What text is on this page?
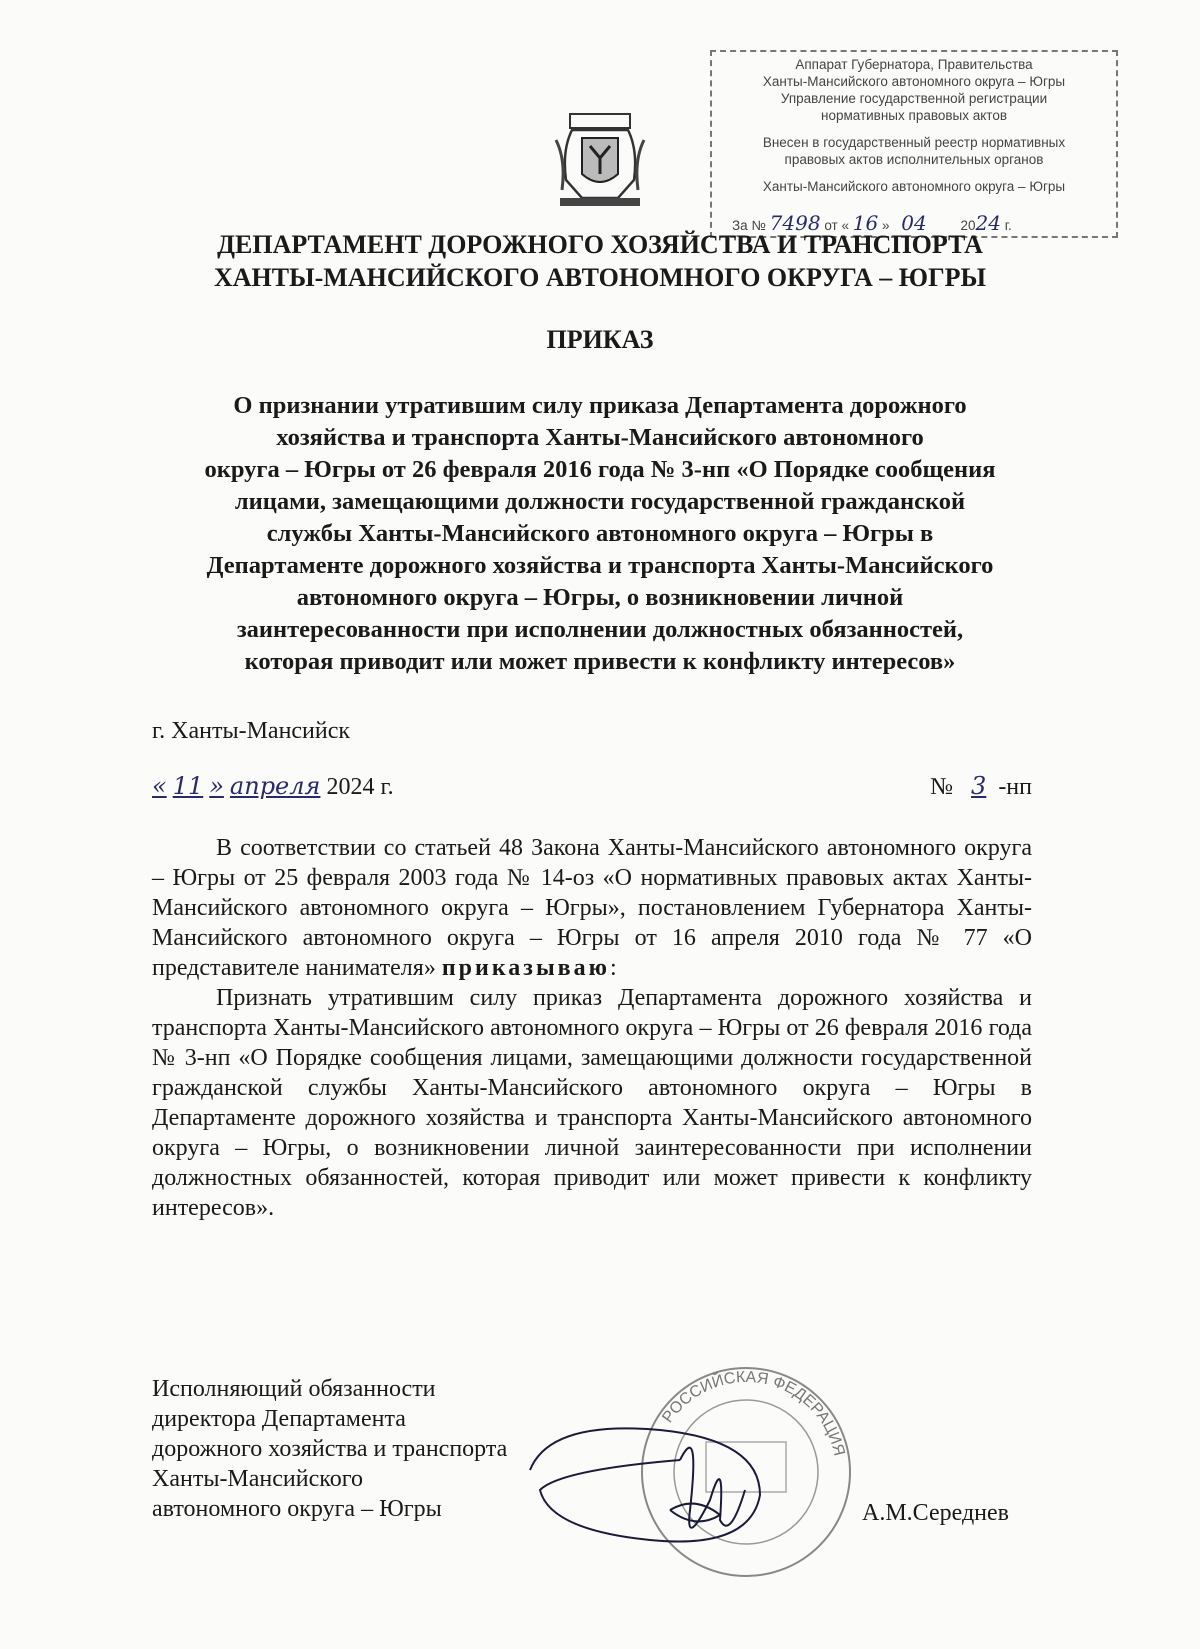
Аппарат Губернатора, Правительства
Ханты-Мансийского автономного округа – Югры
Управление государственной регистрации
нормативных правовых актов
Внесен в государственный реестр нормативных
правовых актов исполнительных органов
Ханты-Мансийского автономного округа – Югры
За № 7498 от « 16 » 04	2024 г.
ДЕПАРТАМЕНТ ДОРОЖНОГО ХОЗЯЙСТВА И ТРАНСПОРТА
ХАНТЫ-МАНСИЙСКОГО АВТОНОМНОГО ОКРУГА – ЮГРЫ
ПРИКАЗ
О признании утратившим силу приказа Департамента дорожного
хозяйства и транспорта Ханты-Мансийского автономного
округа – Югры от 26 февраля 2016 года № 3-нп «О Порядке сообщения
лицами, замещающими должности государственной гражданской
службы Ханты-Мансийского автономного округа – Югры в
Департаменте дорожного хозяйства и транспорта Ханты-Мансийского
автономного округа – Югры, о возникновении личной
заинтересованности при исполнении должностных обязанностей,
которая приводит или может привести к конфликту интересов»
г. Ханты-Мансийск
« 11 » апреля 2024 г.	№ 3 -нп

В соответствии со статьей 48 Закона Ханты-Мансийского автономного округа – Югры от 25 февраля 2003 года № 14-оз «О нормативных правовых актах Ханты-Мансийского автономного округа – Югры», постановлением Губернатора Ханты-Мансийского автономного округа – Югры от 16 апреля 2010 года № 77 «О представителе нанимателя» приказываю:

Признать утратившим силу приказ Департамента дорожного хозяйства и транспорта Ханты-Мансийского автономного округа – Югры от 26 февраля 2016 года № 3-нп «О Порядке сообщения лицами, замещающими должности государственной гражданской службы Ханты-Мансийского автономного округа – Югры в Департаменте дорожного хозяйства и транспорта Ханты-Мансийского автономного округа – Югры, о возникновении личной заинтересованности при исполнении должностных обязанностей, которая приводит или может привести к конфликту интересов».

РОССИЙСКАЯ ФЕДЕРАЦИЯ
Исполняющий обязанности
директора Департамента
дорожного хозяйства и транспорта
Ханты-Мансийского
автономного округа – Югры	А.М.Середнев
